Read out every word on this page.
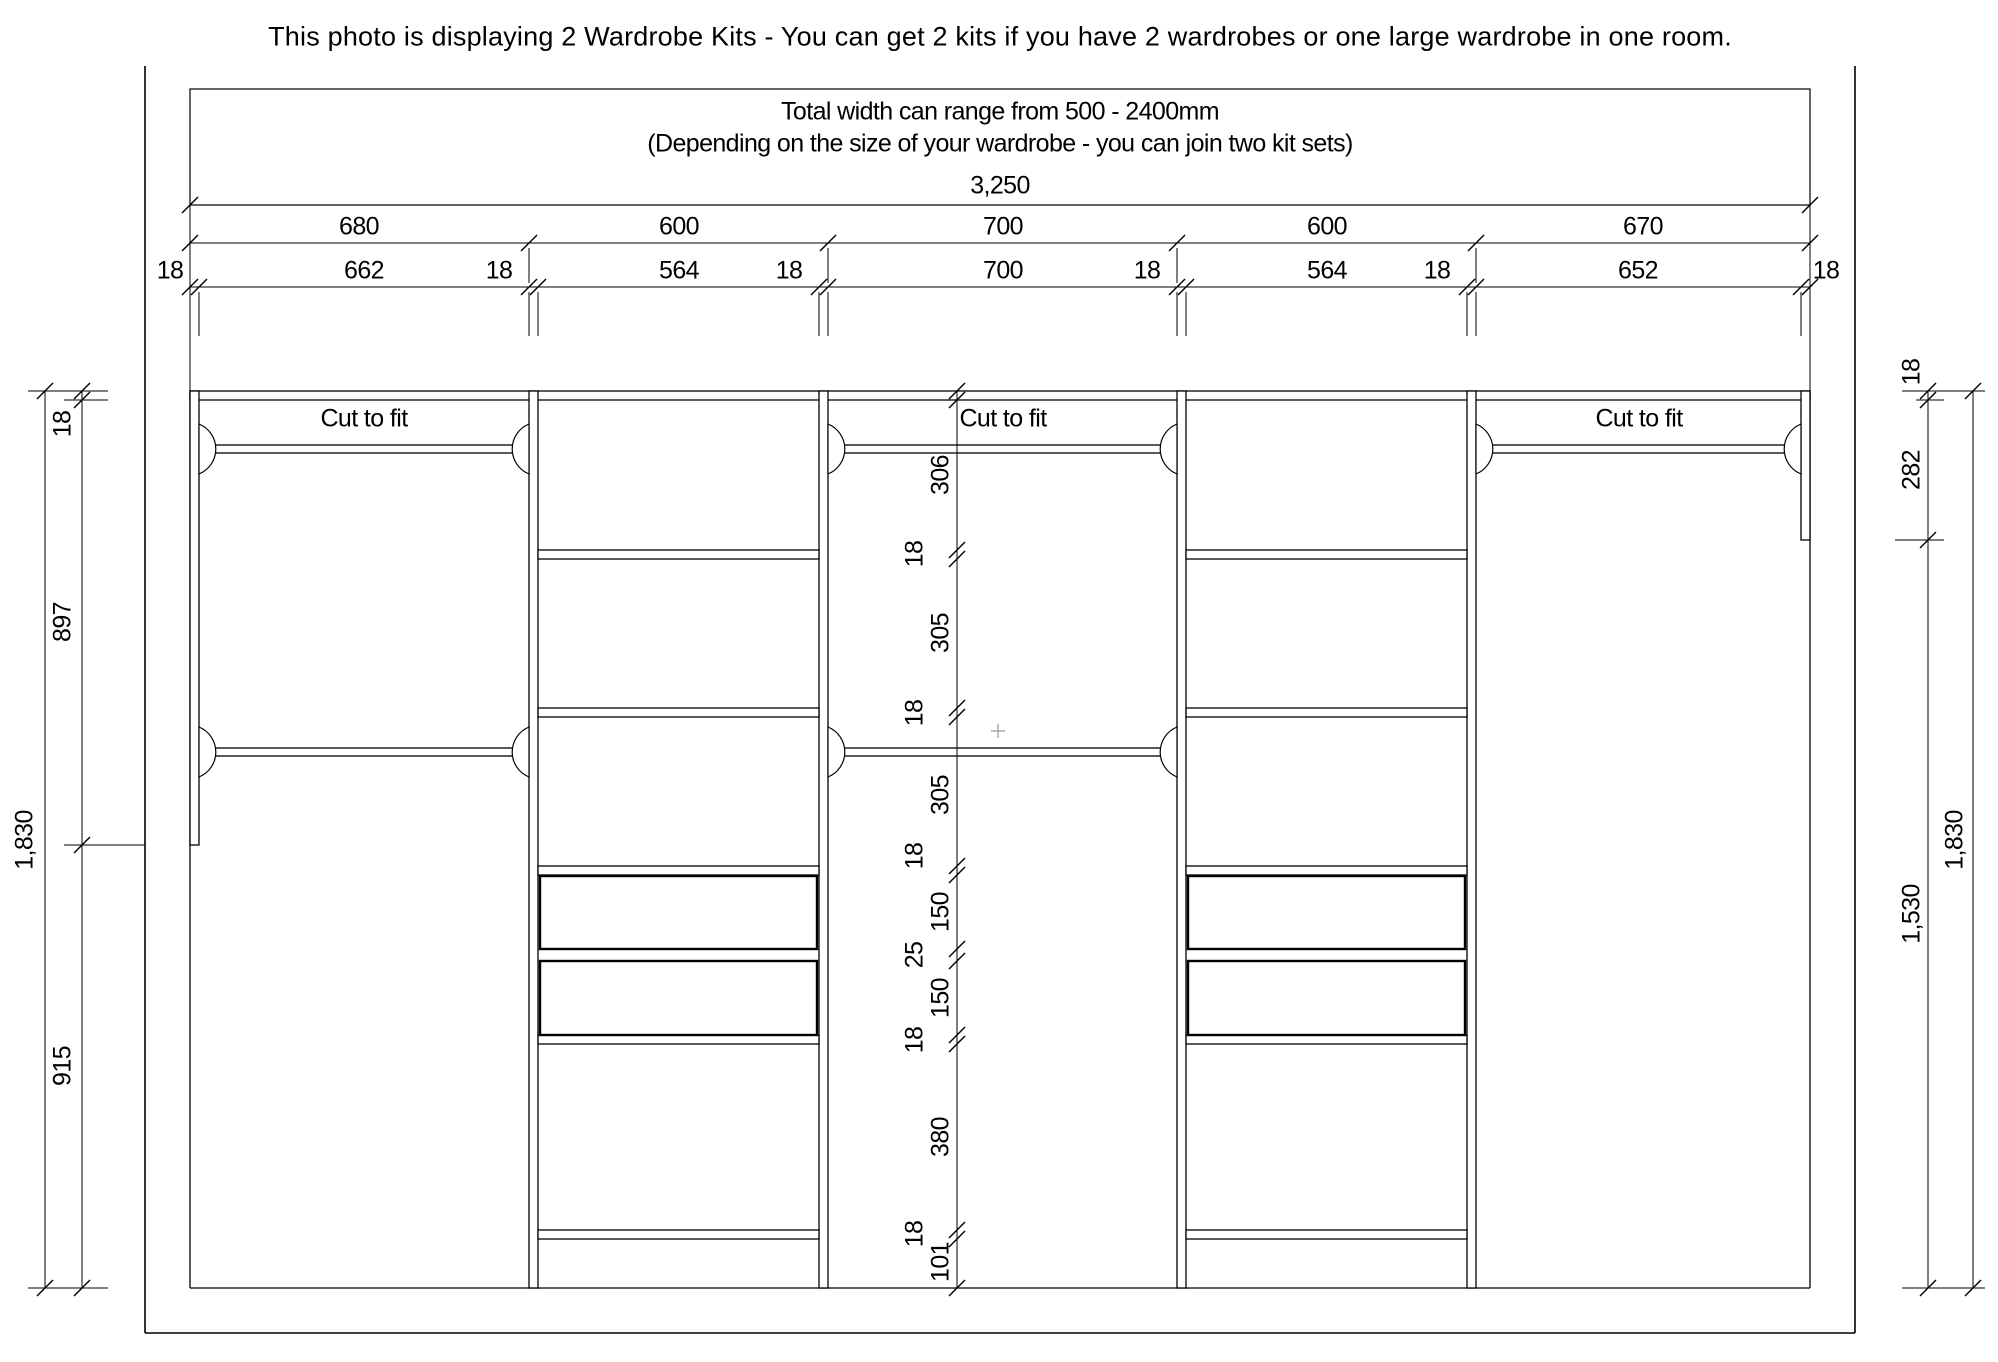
This photo is displaying 2 Wardrobe Kits - You can get 2 kits if you have 2 wardrobes or one large wardrobe in one room.
Total width can range from 500 - 2400mm
(Depending on the size of your wardrobe - you can join two kit sets)
3,250
680	600	700	600	670
18	662	18	564	18	700	18	564	18	652	18
Cut to fit	Cut to fit	Cut to fit
18
897
915
1,830
18
282
1,530
1,830
306
18
305
18
305
18
150
25
150
18
380
18
101
